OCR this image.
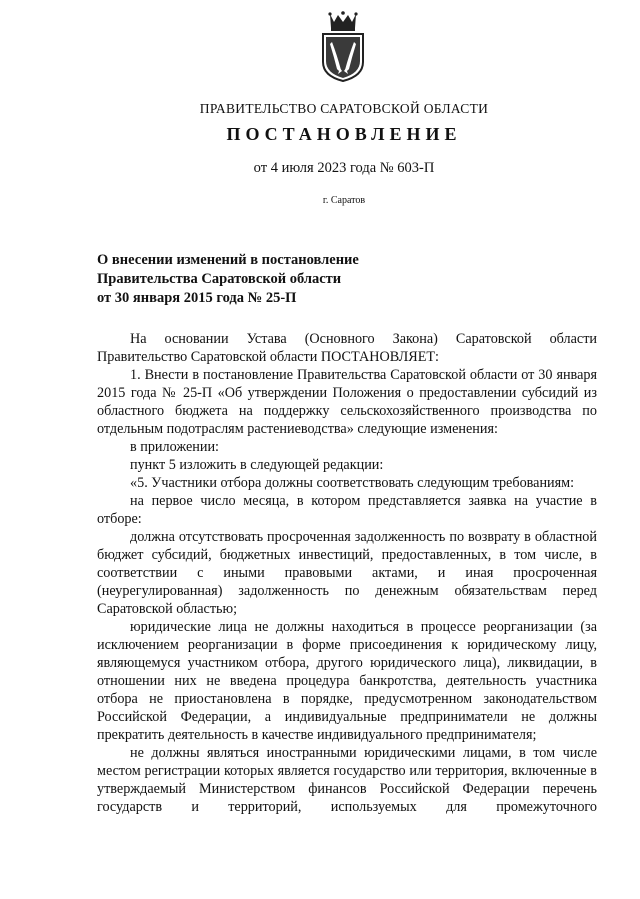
ПРАВИТЕЛЬСТВО САРАТОВСКОЙ ОБЛАСТИ
ПОСТАНОВЛЕНИЕ
от 4 июля 2023 года № 603-П
г. Саратов
О внесении изменений в постановление
Правительства Саратовской области
от 30 января 2015 года № 25-П

На основании Устава (Основного Закона) Саратовской области Правительство Саратовской области ПОСТАНОВЛЯЕТ:

1. Внести в постановление Правительства Саратовской области от 30 января 2015 года № 25-П «Об утверждении Положения о предоставлении субсидий из областного бюджета на поддержку сельскохозяйственного производства по отдельным подотраслям растениеводства» следующие изменения:

в приложении:

пункт 5 изложить в следующей редакции:

«5. Участники отбора должны соответствовать следующим требованиям:

на первое число месяца, в котором представляется заявка на участие в отборе:

должна отсутствовать просроченная задолженность по возврату в областной бюджет субсидий, бюджетных инвестиций, предоставленных, в том числе, в соответствии с иными правовыми актами, и иная просроченная (неурегулированная) задолженность по денежным обязательствам перед Саратовской областью;

юридические лица не должны находиться в процессе реорганизации (за исключением реорганизации в форме присоединения к юридическому лицу, являющемуся участником отбора, другого юридического лица), ликвидации, в отношении них не введена процедура банкротства, деятельность участника отбора не приостановлена в порядке, предусмотренном законодательством Российской Федерации, а индивидуальные предприниматели не должны прекратить деятельность в качестве индивидуального предпринимателя;

не должны являться иностранными юридическими лицами, в том числе местом регистрации которых является государство или территория, включенные в утверждаемый Министерством финансов Российской Федерации перечень государств и территорий, используемых для промежуточного
